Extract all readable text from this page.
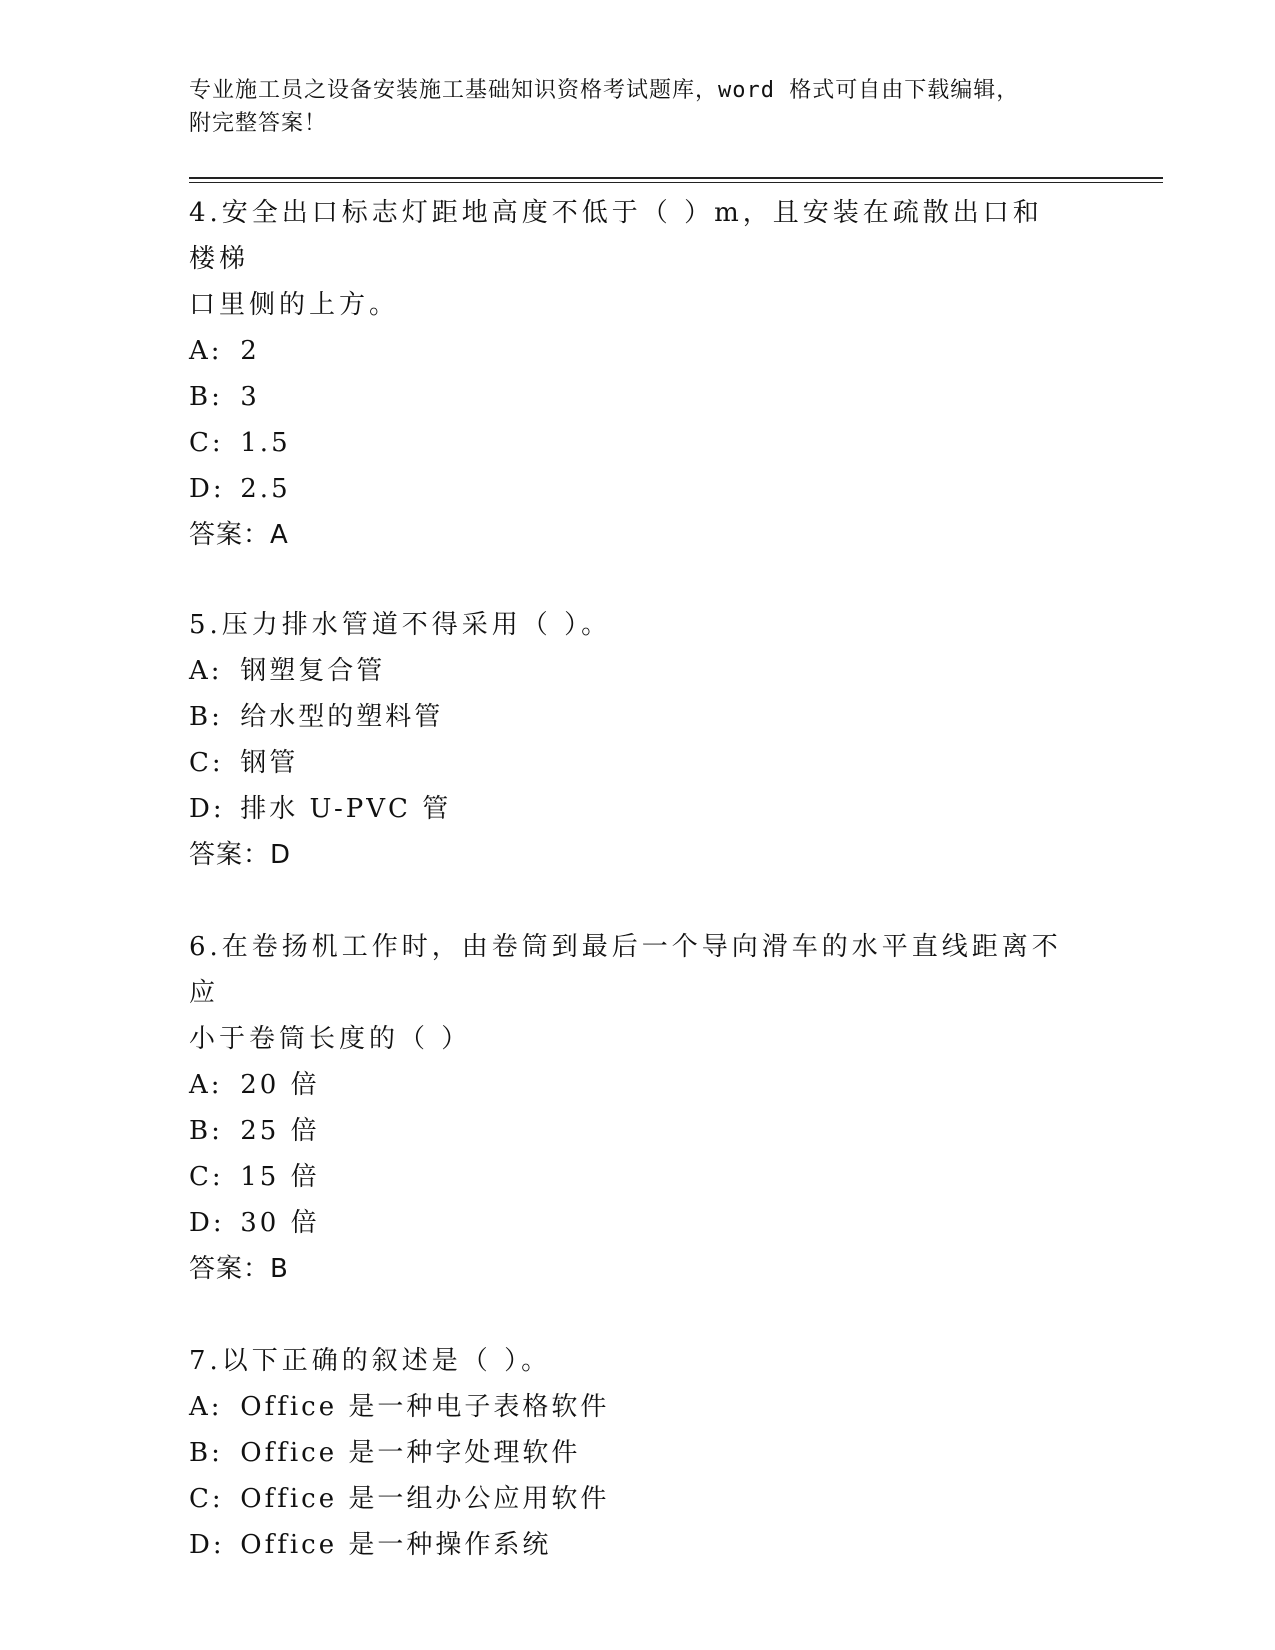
专业施工员之设备安装施工基础知识资格考试题库，word 格式可自由下载编辑，
附完整答案！
4.安全出口标志灯距地高度不低于（ ）m，且安装在疏散出口和楼梯
口里侧的上方。
A: 2
B: 3
C: 1.5
D: 2.5
答案：A
5.压力排水管道不得采用（ ）。
A: 钢塑复合管
B: 给水型的塑料管
C: 钢管
D: 排水 U-PVC 管
答案：D
6.在卷扬机工作时，由卷筒到最后一个导向滑车的水平直线距离不应
小于卷筒长度的（ ）
A: 20 倍
B: 25 倍
C: 15 倍
D: 30 倍
答案：B
7.以下正确的叙述是（ ）。
A: Office 是一种电子表格软件
B: Office 是一种字处理软件
C: Office 是一组办公应用软件
D: Office 是一种操作系统
